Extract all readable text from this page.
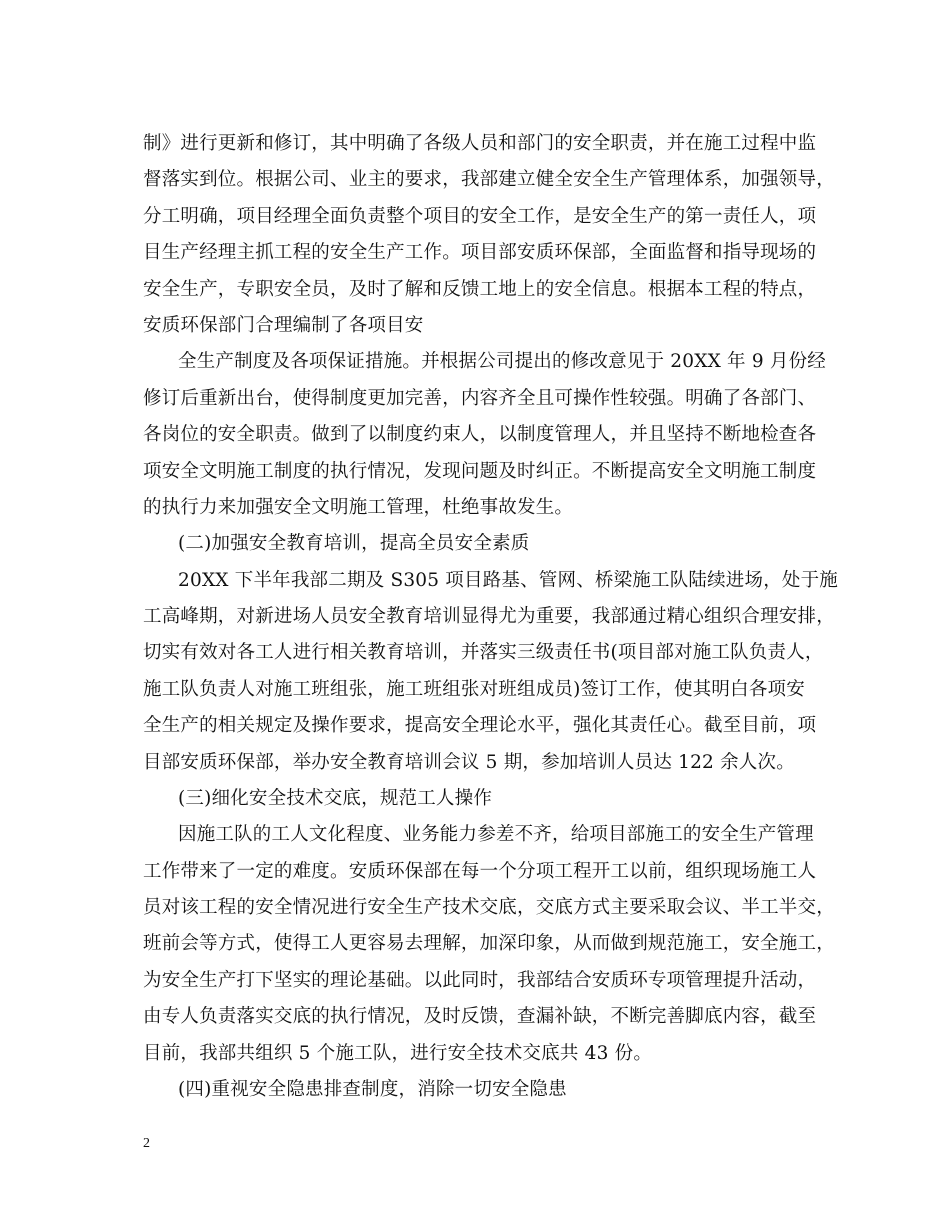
制》进行更新和修订，其中明确了各级人员和部门的安全职责，并在施工过程中监
督落实到位。根据公司、业主的要求，我部建立健全安全生产管理体系，加强领导，
分工明确，项目经理全面负责整个项目的安全工作，是安全生产的第一责任人，项
目生产经理主抓工程的安全生产工作。项目部安质环保部，全面监督和指导现场的
安全生产，专职安全员，及时了解和反馈工地上的安全信息。根据本工程的特点，
安质环保部门合理编制了各项目安
全生产制度及各项保证措施。并根据公司提出的修改意见于 20XX 年 9 月份经
修订后重新出台，使得制度更加完善，内容齐全且可操作性较强。明确了各部门、
各岗位的安全职责。做到了以制度约束人，以制度管理人，并且坚持不断地检查各
项安全文明施工制度的执行情况，发现问题及时纠正。不断提高安全文明施工制度
的执行力来加强安全文明施工管理，杜绝事故发生。
(二)加强安全教育培训，提高全员安全素质
20XX 下半年我部二期及 S305 项目路基、管网、桥梁施工队陆续进场，处于施
工高峰期，对新进场人员安全教育培训显得尤为重要，我部通过精心组织合理安排，
切实有效对各工人进行相关教育培训，并落实三级责任书(项目部对施工队负责人，
施工队负责人对施工班组张，施工班组张对班组成员)签订工作，使其明白各项安
全生产的相关规定及操作要求，提高安全理论水平，强化其责任心。截至目前，项
目部安质环保部，举办安全教育培训会议 5 期，参加培训人员达 122 余人次。
(三)细化安全技术交底，规范工人操作
因施工队的工人文化程度、业务能力参差不齐，给项目部施工的安全生产管理
工作带来了一定的难度。安质环保部在每一个分项工程开工以前，组织现场施工人
员对该工程的安全情况进行安全生产技术交底，交底方式主要采取会议、半工半交，
班前会等方式，使得工人更容易去理解，加深印象，从而做到规范施工，安全施工，
为安全生产打下坚实的理论基础。以此同时，我部结合安质环专项管理提升活动，
由专人负责落实交底的执行情况，及时反馈，查漏补缺，不断完善脚底内容，截至
目前，我部共组织 5 个施工队，进行安全技术交底共 43 份。
(四)重视安全隐患排查制度，消除一切安全隐患
2
